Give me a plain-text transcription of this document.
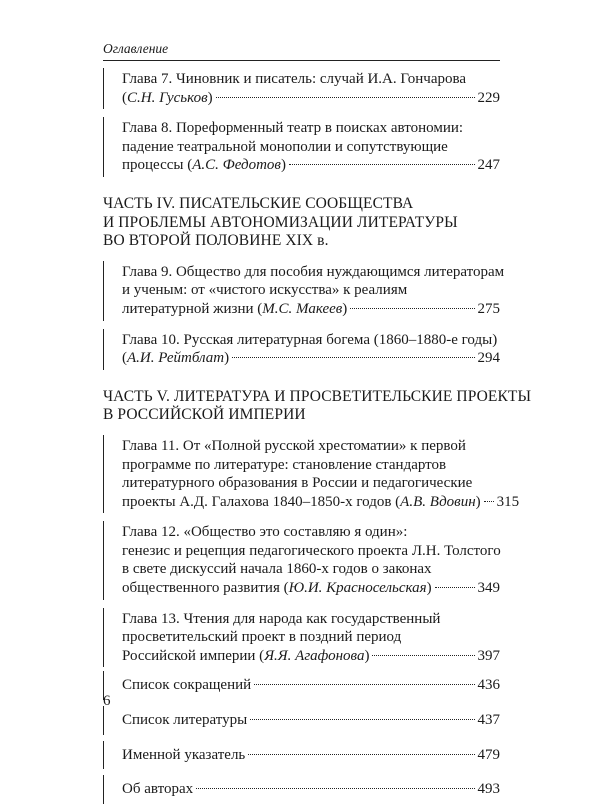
Оглавление
Глава 7. Чиновник и писатель: случай И.А. Гончарова
( С.Н. Гуськов )	229
Глава 8. Пореформенный театр в поисках автономии:
падение театральной монополии и сопутствующие
процессы ( А.С. Федотов )	247
ЧАСТЬ IV. ПИСАТЕЛЬСКИЕ СООБЩЕСТВА
И ПРОБЛЕМЫ АВТОНОМИЗАЦИИ ЛИТЕРАТУРЫ
ВО ВТОРОЙ ПОЛОВИНЕ XIX в.
Глава 9. Общество для пособия нуждающимся литераторам
и ученым: от «чистого искусства» к реалиям
литературной жизни ( М.С. Макеев )	275
Глава 10. Русская литературная богема (1860–1880-е годы)
( А.И. Рейтблат )	294
ЧАСТЬ V. ЛИТЕРАТУРА И ПРОСВЕТИТЕЛЬСКИЕ ПРОЕКТЫ
В РОССИЙСКОЙ ИМПЕРИИ
Глава 11. От «Полной русской хрестоматии» к первой
программе по литературе: становление стандартов
литературного образования в России и педагогические
проекты А.Д. Галахова 1840–1850-х годов ( А.В. Вдовин ) 315
Глава 12. «Общество это составляю я один»:
генезис и рецепция педагогического проекта Л.Н. Толстого
в свете дискуссий начала 1860-х годов о законах
общественного развития ( Ю.И. Красносельская )	349
Глава 13. Чтения для народа как государственный
просветительский проект в поздний период
Российской империи ( Я.Я. Агафонова )	397
Список сокращений	436
Список литературы	437
Именной указатель	479
Об авторах	493
6
